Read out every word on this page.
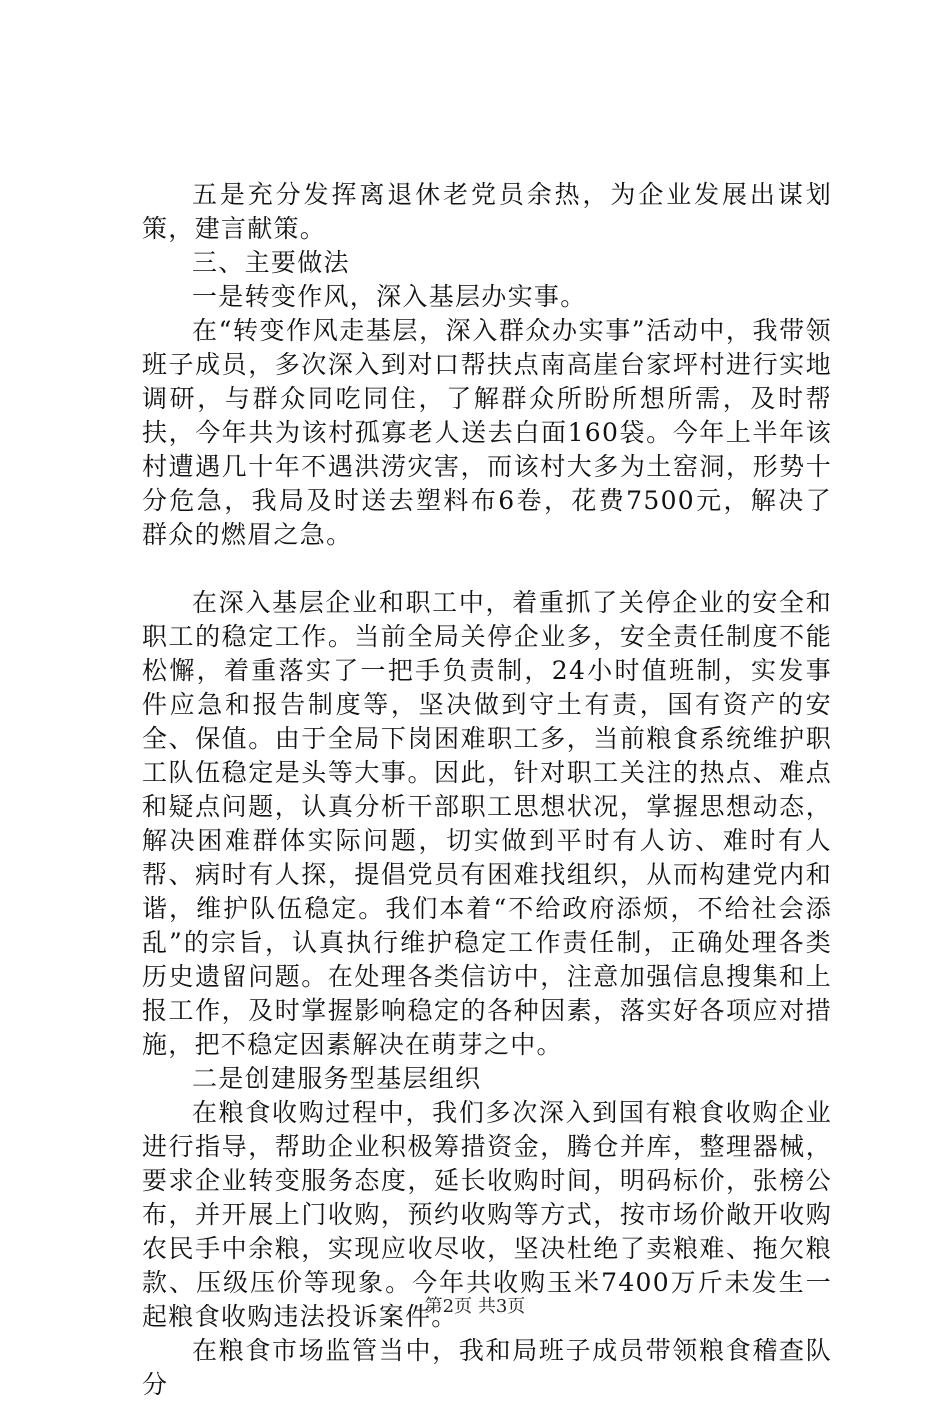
五是充分发挥离退休老党员余热，为企业发展出谋划策，建言献策。

三、主要做法

一是转变作风，深入基层办实事。

在“转变作风走基层，深入群众办实事”活动中，我带领班子成员，多次深入到对口帮扶点南高崖台家坪村进行实地调研，与群众同吃同住，了解群众所盼所想所需，及时帮扶，今年共为该村孤寡老人送去白面160袋。今年上半年该村遭遇几十年不遇洪涝灾害，而该村大多为土窑洞，形势十分危急，我局及时送去塑料布6卷，花费7500元，解决了群众的燃眉之急。

在深入基层企业和职工中，着重抓了关停企业的安全和职工的稳定工作。当前全局关停企业多，安全责任制度不能松懈，着重落实了一把手负责制，24小时值班制，实发事件应急和报告制度等，坚决做到守土有责，国有资产的安全、保值。由于全局下岗困难职工多，当前粮食系统维护职工队伍稳定是头等大事。因此，针对职工关注的热点、难点和疑点问题，认真分析干部职工思想状况，掌握思想动态，解决困难群体实际问题，切实做到平时有人访、难时有人帮、病时有人探，提倡党员有困难找组织，从而构建党内和谐，维护队伍稳定。我们本着“不给政府添烦，不给社会添乱”的宗旨，认真执行维护稳定工作责任制，正确处理各类历史遗留问题。在处理各类信访中，注意加强信息搜集和上报工作，及时掌握影响稳定的各种因素，落实好各项应对措施，把不稳定因素解决在萌芽之中。

二是创建服务型基层组织

在粮食收购过程中，我们多次深入到国有粮食收购企业进行指导，帮助企业积极筹措资金，腾仓并库，整理器械，要求企业转变服务态度，延长收购时间，明码标价，张榜公布，并开展上门收购，预约收购等方式，按市场价敞开收购农民手中余粮，实现应收尽收，坚决杜绝了卖粮难、拖欠粮款、压级压价等现象。今年共收购玉米7400万斤未发生一起粮食收购违法投诉案件。

在粮食市场监管当中，我和局班子成员带领粮食稽查队分

第2页 共3页
